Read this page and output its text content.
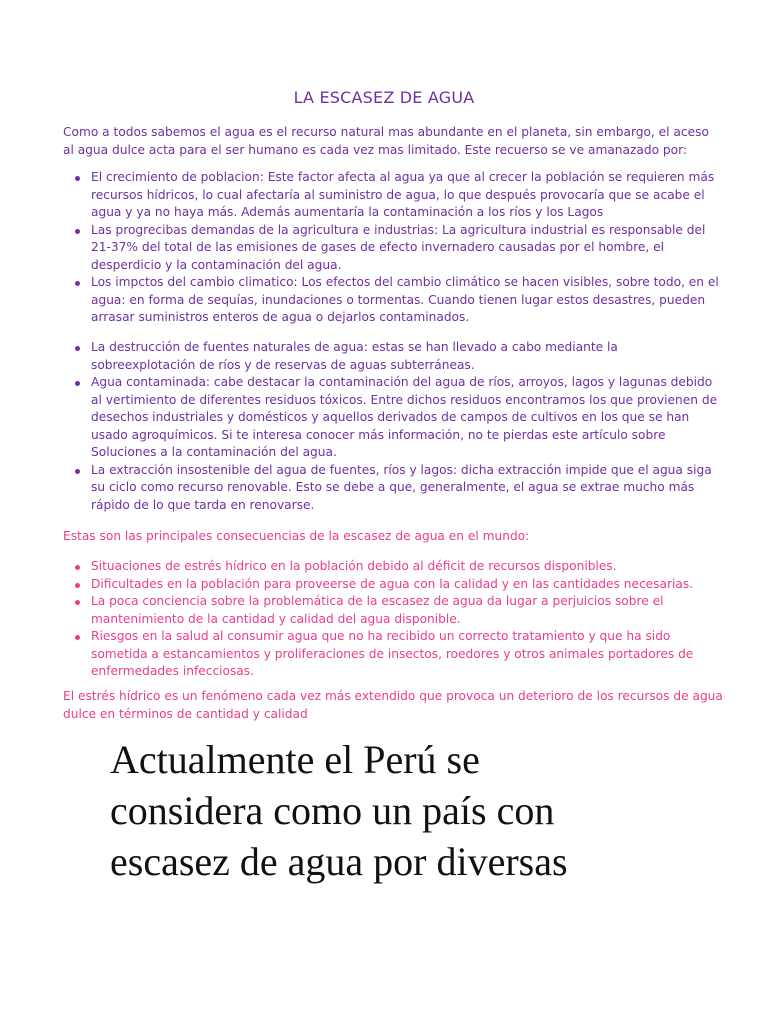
LA ESCASEZ DE AGUA
Como a todos sabemos el agua es el recurso natural mas abundante en el planeta, sin embargo, el aceso al agua dulce acta para el ser humano es cada vez mas limitado. Este recuerso se ve amanazado por:
El crecimiento de poblacion: Este factor afecta al agua ya que al crecer la población se requieren más recursos hídricos, lo cual afectaría al suministro de agua, lo que después provocaría que se acabe el agua y ya no haya más. Además aumentaría la contaminación a los ríos y los Lagos
Las progrecibas demandas de la agricultura e industrias: La agricultura industrial es responsable del 21-37% del total de las emisiones de gases de efecto invernadero causadas por el hombre, el desperdicio y la contaminación del agua.
Los impctos del cambio climatico: Los efectos del cambio climático se hacen visibles, sobre todo, en el agua: en forma de sequías, inundaciones o tormentas. Cuando tienen lugar estos desastres, pueden arrasar suministros enteros de agua o dejarlos contaminados.
La destrucción de fuentes naturales de agua: estas se han llevado a cabo mediante la sobreexplotación de ríos y de reservas de aguas subterráneas.
Agua contaminada: cabe destacar la contaminación del agua de ríos, arroyos, lagos y lagunas debido al vertimiento de diferentes residuos tóxicos. Entre dichos residuos encontramos los que provienen de desechos industriales y domésticos y aquellos derivados de campos de cultivos en los que se han usado agroquímicos. Si te interesa conocer más información, no te pierdas este artículo sobre Soluciones a la contaminación del agua.
La extracción insostenible del agua de fuentes, ríos y lagos: dicha extracción impide que el agua siga su ciclo como recurso renovable. Esto se debe a que, generalmente, el agua se extrae mucho más rápido de lo que tarda en renovarse.
Estas son las principales consecuencias de la escasez de agua en el mundo:
Situaciones de estrés hídrico en la población debido al déficit de recursos disponibles.
Dificultades en la población para proveerse de agua con la calidad y en las cantidades necesarias.
La poca conciencia sobre la problemática de la escasez de agua da lugar a perjuicios sobre el mantenimiento de la cantidad y calidad del agua disponible.
Riesgos en la salud al consumir agua que no ha recibido un correcto tratamiento y que ha sido sometida a estancamientos y proliferaciones de insectos, roedores y otros animales portadores de enfermedades infecciosas.
El estrés hídrico es un fenómeno cada vez más extendido que provoca un deterioro de los recursos de agua dulce en términos de cantidad y calidad
Actualmente el Perú se considera como un país con escasez de agua por diversas
